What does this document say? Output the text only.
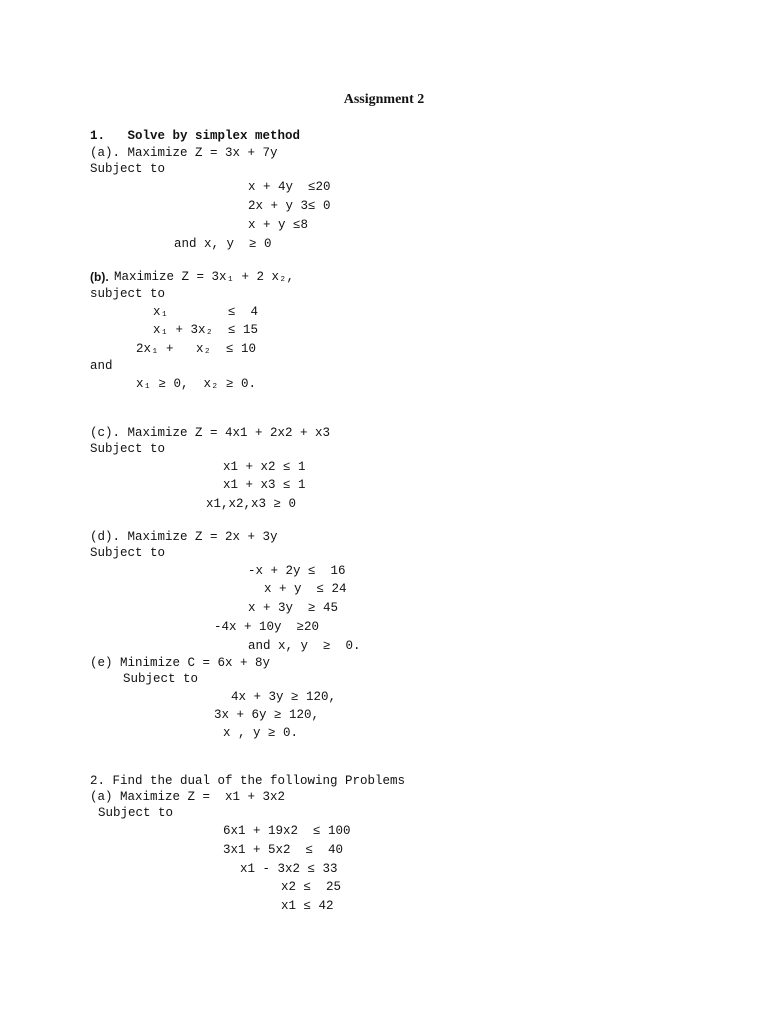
Assignment 2
1.   Solve by simplex method
(a). Maximize Z = 3x + 7y
Subject to
x + 4y  ≤20
2x + y 3≤ 0
x + y ≤8
and x, y  ≥ 0
(b). Maximize Z = 3x₁ + 2 x₂,
subject to
x₁        ≤  4
x₁ + 3x₂  ≤ 15
2x₁ +   x₂  ≤ 10
and
x₁ ≥ 0,  x₂ ≥ 0.
(c). Maximize Z = 4x1 + 2x2 + x3
Subject to
x1 + x2 ≤ 1
x1 + x3 ≤ 1
x1,x2,x3 ≥ 0
(d). Maximize Z = 2x + 3y
Subject to
-x + 2y ≤  16
x + y  ≤ 24
x + 3y  ≥ 45
-4x + 10y  ≥20
and x, y  ≥  0.
(e) Minimize C = 6x + 8y
Subject to
4x + 3y ≥ 120,
3x + 6y ≥ 120,
x , y ≥ 0.
2. Find the dual of the following Problems
(a) Maximize Z =  x1 + 3x2
Subject to
6x1 + 19x2  ≤ 100
3x1 + 5x2  ≤  40
x1 - 3x2 ≤ 33
x2 ≤  25
x1 ≤ 42
